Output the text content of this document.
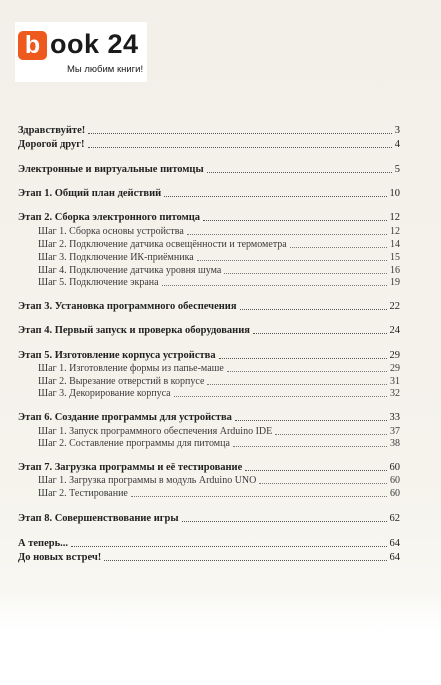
b ook 24
Мы любим книги!
Здравствуйте!	3
Дорогой друг!	4
Электронные и виртуальные питомцы	5
Этап 1. Общий план действий	10
Этап 2. Сборка электронного питомца	12
Шаг 1. Сборка основы устройства	12
Шаг 2. Подключение датчика освещённости и термометра	14
Шаг 3. Подключение ИК-приёмника	15
Шаг 4. Подключение датчика уровня шума	16
Шаг 5. Подключение экрана	19
Этап 3. Установка программного обеспечения	22
Этап 4. Первый запуск и проверка оборудования	24
Этап 5. Изготовление корпуса устройства	29
Шаг 1. Изготовление формы из папье-маше	29
Шаг 2. Вырезание отверстий в корпусе	31
Шаг 3. Декорирование корпуса	32
Этап 6. Создание программы для устройства	33
Шаг 1. Запуск программного обеспечения Arduino IDE	37
Шаг 2. Составление программы для питомца	38
Этап 7. Загрузка программы и её тестирование	60
Шаг 1. Загрузка программы в модуль Arduino UNO	60
Шаг 2. Тестирование	60
Этап 8. Совершенствование игры	62
А теперь...	64
До новых встреч!	64
